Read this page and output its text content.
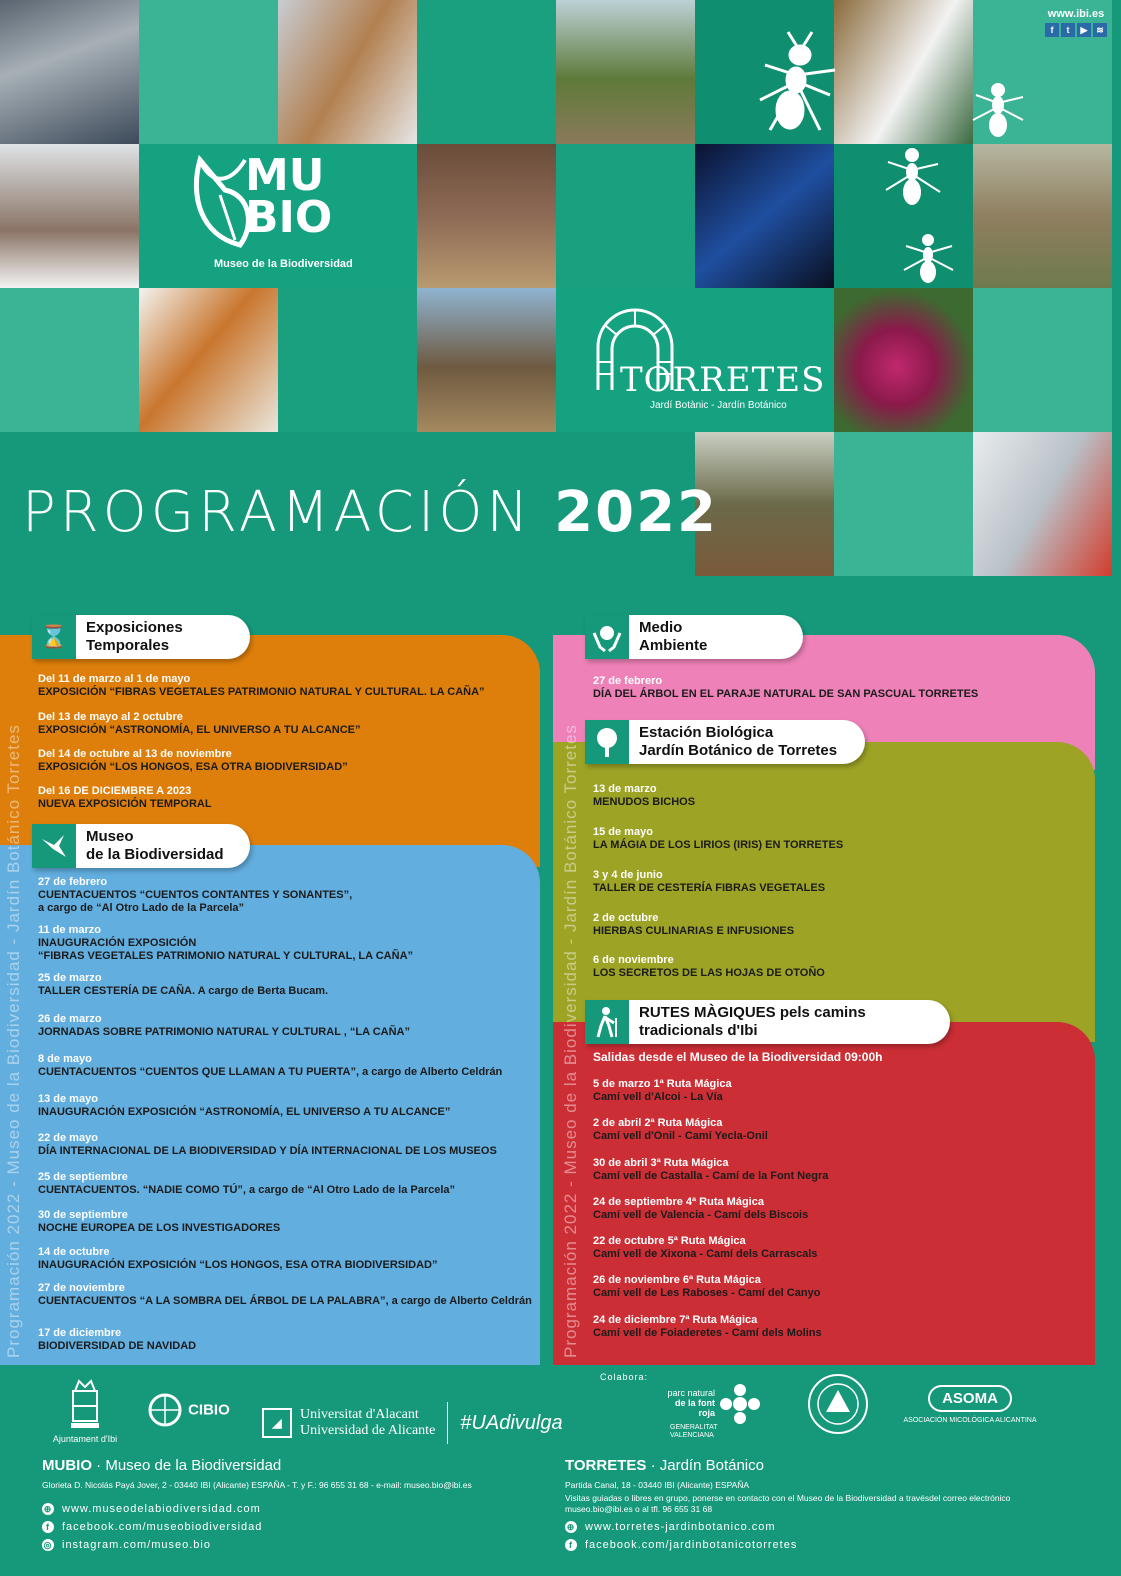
www.ibi.es
f	t	▶ ≋
MU
BIO
Museo de la Biodiversidad
TORRETES
Jardí Botànic - Jardín Botánico
PROGRAMACIÓN 2022
Programación 2022 - Museo de la Biodiversidad - Jardín Botánico Torretes
⌛	Exposiciones
Temporales
Del 11 de marzo al 1 de mayo
EXPOSICIÓN “FIBRAS VEGETALES PATRIMONIO NATURAL Y CULTURAL. LA CAÑA”
Del 13 de mayo al 2 octubre
EXPOSICIÓN “ASTRONOMÍA, EL UNIVERSO A TU ALCANCE”
Del 14 de octubre al 13 de noviembre
EXPOSICIÓN “LOS HONGOS, ESA OTRA BIODIVERSIDAD”
Del 16 DE DICIEMBRE A 2023
NUEVA EXPOSICIÓN TEMPORAL
Museo
de la Biodiversidad
27 de febrero
CUENTACUENTOS “CUENTOS CONTANTES Y SONANTES”,
a cargo de “Al Otro Lado de la Parcela”
11 de marzo
INAUGURACIÓN EXPOSICIÓN
“FIBRAS VEGETALES PATRIMONIO NATURAL Y CULTURAL, LA CAÑA”
25 de marzo
TALLER CESTERÍA DE CAÑA. A cargo de Berta Bucam.
26 de marzo
JORNADAS SOBRE PATRIMONIO NATURAL Y CULTURAL , “LA CAÑA”
8 de mayo
CUENTACUENTOS “CUENTOS QUE LLAMAN A TU PUERTA”, a cargo de Alberto Celdrán
13 de mayo
INAUGURACIÓN EXPOSICIÓN “ASTRONOMÍA, EL UNIVERSO A TU ALCANCE”
22 de mayo
DÍA INTERNACIONAL DE LA BIODIVERSIDAD Y DÍA INTERNACIONAL DE LOS MUSEOS
25 de septiembre
CUENTACUENTOS. “NADIE COMO TÚ”, a cargo de “Al Otro Lado de la Parcela”
30 de septiembre
NOCHE EUROPEA DE LOS INVESTIGADORES
14 de octubre
INAUGURACIÓN EXPOSICIÓN “LOS HONGOS, ESA OTRA BIODIVERSIDAD”
27 de noviembre
CUENTACUENTOS “A LA SOMBRA DEL ÁRBOL DE LA PALABRA”, a cargo de Alberto Celdrán
17 de diciembre
BIODIVERSIDAD DE NAVIDAD	Programación 2022 - Museo de la Biodiversidad - Jardín Botánico Torretes
Medio
Ambiente
27 de febrero
DÍA DEL ÁRBOL EN EL PARAJE NATURAL DE SAN PASCUAL TORRETES
Estación Biológica
Jardín Botánico de Torretes
13 de marzo
MENUDOS BICHOS
15 de mayo
LA MÁGIA DE LOS LIRIOS (IRIS) EN TORRETES
3 y 4 de junio
TALLER DE CESTERÍA FIBRAS VEGETALES
2 de octubre
HIERBAS CULINARIAS E INFUSIONES
6 de noviembre
LOS SECRETOS DE LAS HOJAS DE OTOÑO
RUTES MÀGIQUES pels camins
tradicionals d'Ibi
Salidas desde el Museo de la Biodiversidad 09:00h
5 de marzo 1ª Ruta Mágica
Camí vell d'Alcoi - La Vía
2 de abril 2ª Ruta Mágica
Camí vell d'Onil - Camí Yecla-Onil
30 de abril 3ª Ruta Mágica
Camí vell de Castalla - Camí de la Font Negra
24 de septiembre 4ª Ruta Mágica
Camí vell de Valencia - Camí dels Biscois
22 de octubre 5ª Ruta Mágica
Camí vell de Xixona - Camí dels Carrascals
26 de noviembre 6ª Ruta Mágica
Camí vell de Les Raboses - Camí del Canyo
24 de diciembre 7ª Ruta Mágica
Camí vell de Foiaderetes - Camí dels Molins
Colabora:
Ajuntament d'Ibi
CIBIO
◢
Universitat d'Alacant
Universidad de Alicante #UAdivulga
parc natural
de la font roja
GENERALITAT
VALENCIANA
ASOMA
ASOCIACIÓN MICOLÓGICA ALICANTINA
MUBIO · Museo de la Biodiversidad
Glorieta D. Nicolás Payá Jover, 2 - 03440 IBI (Alicante) ESPAÑA - T. y F.: 96 655 31 68 - e-mail: museo.bio@ibi.es
⊕ www.museodelabiodiversidad.com
f	facebook.com/museobiodiversidad
◎ instagram.com/museo.bio
TORRETES · Jardín Botánico
Partida Canal, 18 - 03440 IBI (Alicante) ESPAÑA
Visitas guiadas o libres en grupo, ponerse en contacto con el Museo de la Biodiversidad a travésdel correo electrónico museo.bio@ibi.es o al tfl. 96 655 31 68
⊕ www.torretes-jardinbotanico.com
f	facebook.com/jardinbotanicotorretes
